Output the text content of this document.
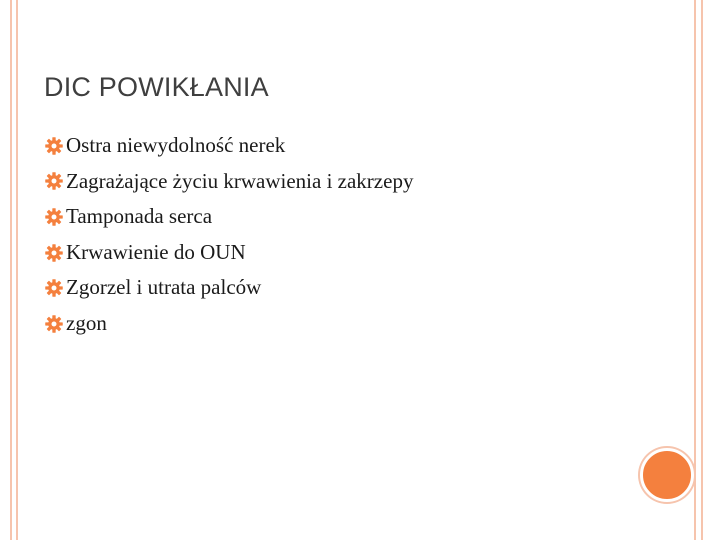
DIC POWIKŁANIA
Ostra niewydolność nerek
Zagrażające życiu krwawienia i zakrzepy
Tamponada serca
Krwawienie do OUN
Zgorzel i utrata palców
zgon
